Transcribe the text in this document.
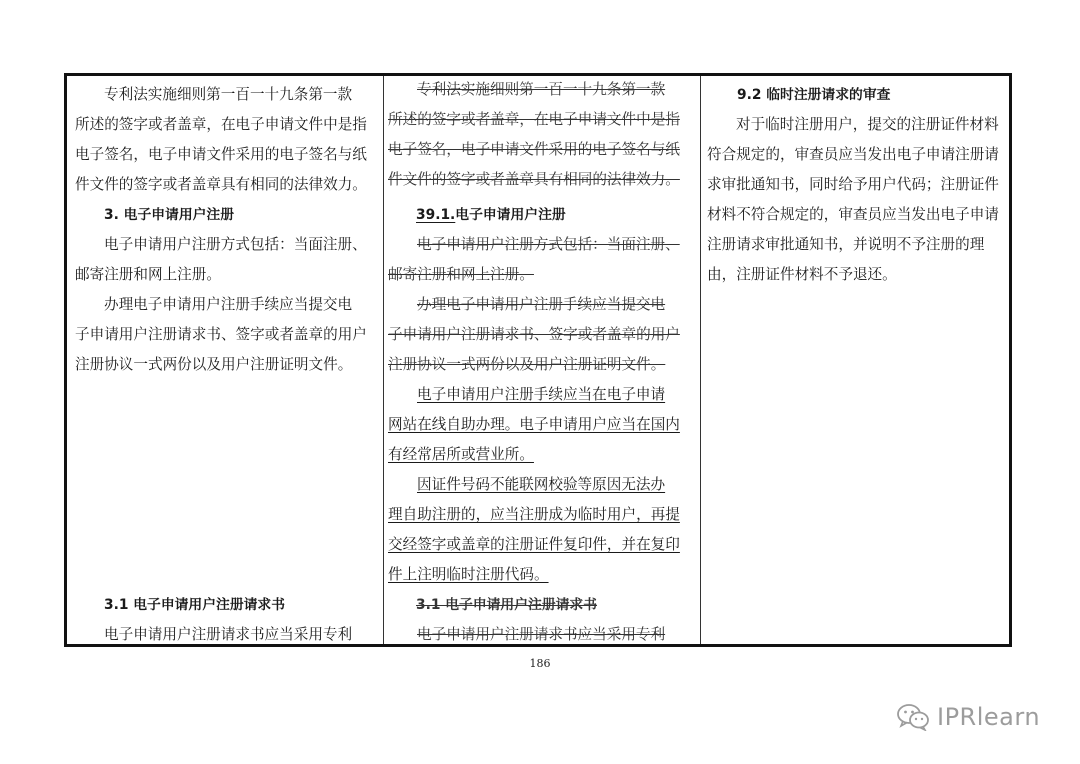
专利法实施细则第一百一十九条第一款
所述的签字或者盖章，在电子申请文件中是指
电子签名，电子申请文件采用的电子签名与纸
件文件的签字或者盖章具有相同的法律效力。
3. 电子申请用户注册
电子申请用户注册方式包括：当面注册、
邮寄注册和网上注册。
办理电子申请用户注册手续应当提交电
子申请用户注册请求书、签字或者盖章的用户
注册协议一式两份以及用户注册证明文件。
3.1 电子申请用户注册请求书
电子申请用户注册请求书应当采用专利
专利法实施细则第一百一十九条第一款
所述的签字或者盖章，在电子申请文件中是指
电子签名，电子申请文件采用的电子签名与纸
件文件的签字或者盖章具有相同的法律效力。
39.1.电子申请用户注册
电子申请用户注册方式包括：当面注册、
邮寄注册和网上注册。
办理电子申请用户注册手续应当提交电
子申请用户注册请求书、签字或者盖章的用户
注册协议一式两份以及用户注册证明文件。
电子申请用户注册手续应当在电子申请
网站在线自助办理。电子申请用户应当在国内
有经常居所或营业所。
因证件号码不能联网校验等原因无法办
理自助注册的，应当注册成为临时用户，再提
交经签字或盖章的注册证件复印件，并在复印
件上注明临时注册代码。
3.1 电子申请用户注册请求书
电子申请用户注册请求书应当采用专利
9.2 临时注册请求的审查
对于临时注册用户，提交的注册证件材料
符合规定的，审查员应当发出电子申请注册请
求审批通知书，同时给予用户代码；注册证件
材料不符合规定的，审查员应当发出电子申请
注册请求审批通知书，并说明不予注册的理
由，注册证件材料不予退还。
186
IPRlearn
